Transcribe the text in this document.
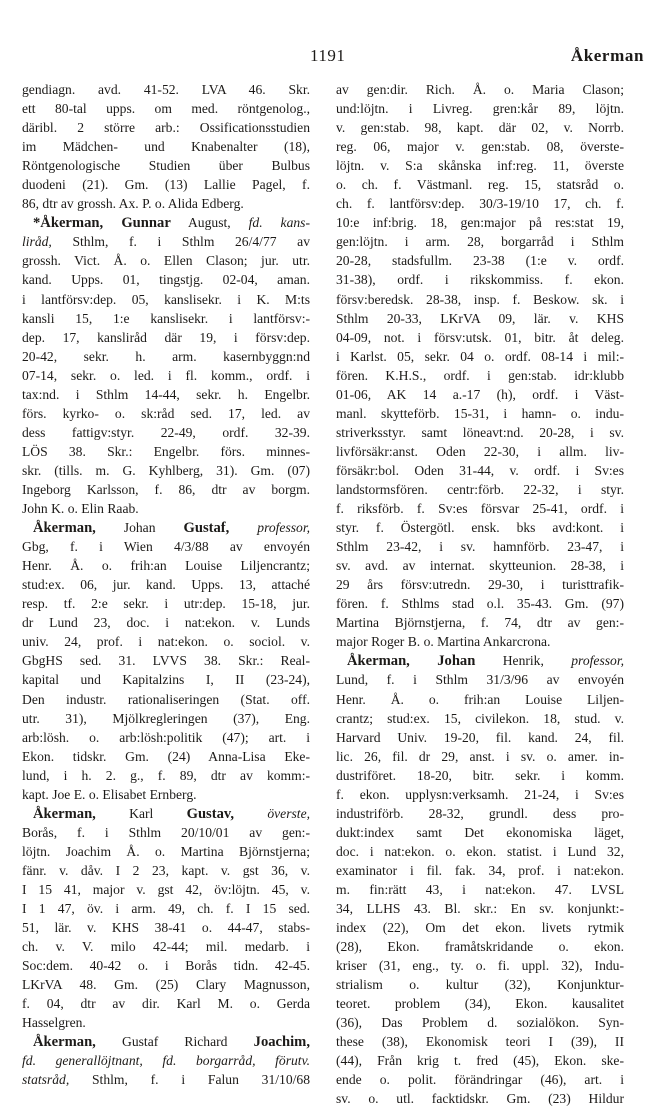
1191	Åkerman
gendiagn. avd. 41-52. LVA 46. Skr.
ett 80-tal upps. om med. röntgenolog.,
däribl. 2 större arb.: Ossificationsstudien
im Mädchen- und Knabenalter (18),
Röntgenologische Studien über Bulbus
duodeni (21). Gm. (13) Lallie Pagel, f.
86, dtr av grossh. Ax. P. o. Alida Edberg.
*Åkerman, Gunnar August, fd. kans-
liråd, Sthlm, f. i Sthlm 26/4/77 av
grossh. Vict. Å. o. Ellen Clason; jur. utr.
kand. Upps. 01, tingstjg. 02-04, aman.
i lantförsv:dep. 05, kanslisekr. i K. M:ts
kansli 15, 1:e kanslisekr. i lantförsv:-
dep. 17, kansliråd där 19, i försv:dep.
20-42, sekr. h. arm. kasernbyggn:nd
07-14, sekr. o. led. i fl. komm., ordf. i
tax:nd. i Sthlm 14-44, sekr. h. Engelbr.
förs. kyrko- o. sk:råd sed. 17, led. av
dess fattigv:styr. 22-49, ordf. 32-39.
LÖS 38. Skr.: Engelbr. förs. minnes-
skr. (tills. m. G. Kyhlberg, 31). Gm. (07)
Ingeborg Karlsson, f. 86, dtr av borgm.
John K. o. Elin Raab.
Åkerman, Johan Gustaf, professor,
Gbg, f. i Wien 4/3/88 av envoyén
Henr. Å. o. frih:an Louise Liljencrantz;
stud:ex. 06, jur. kand. Upps. 13, attaché
resp. tf. 2:e sekr. i utr:dep. 15-18, jur.
dr Lund 23, doc. i nat:ekon. v. Lunds
univ. 24, prof. i nat:ekon. o. sociol. v.
GbgHS sed. 31. LVVS 38. Skr.: Real-
kapital und Kapitalzins I, II (23-24),
Den industr. rationaliseringen (Stat. off.
utr. 31), Mjölkregleringen (37), Eng.
arb:lösh. o. arb:lösh:politik (47); art. i
Ekon. tidskr. Gm. (24) Anna-Lisa Eke-
lund, i h. 2. g., f. 89, dtr av komm:-
kapt. Joe E. o. Elisabet Ernberg.
Åkerman, Karl Gustav, överste,
Borås, f. i Sthlm 20/10/01 av gen:-
löjtn. Joachim Å. o. Martina Björnstjerna;
fänr. v. dåv. I 2 23, kapt. v. gst 36, v.
I 15 41, major v. gst 42, öv:löjtn. 45, v.
I 1 47, öv. i arm. 49, ch. f. I 15 sed.
51, lär. v. KHS 38-41 o. 44-47, stabs-
ch. v. V. milo 42-44; mil. medarb. i
Soc:dem. 40-42 o. i Borås tidn. 42-45.
LKrVA 48. Gm. (25) Clary Magnusson,
f. 04, dtr av dir. Karl M. o. Gerda
Hasselgren.
Åkerman, Gustaf Richard Joachim,
fd. generallöjtnant, fd. borgarråd, förutv.
statsråd, Sthlm, f. i Falun 31/10/68
av gen:dir. Rich. Å. o. Maria Clason;
und:löjtn. i Livreg. gren:kår 89, löjtn.
v. gen:stab. 98, kapt. där 02, v. Norrb.
reg. 06, major v. gen:stab. 08, överste-
löjtn. v. S:a skånska inf:reg. 11, överste
o. ch. f. Västmanl. reg. 15, statsråd o.
ch. f. lantförsv:dep. 30/3-19/10 17, ch. f.
10:e inf:brig. 18, gen:major på res:stat 19,
gen:löjtn. i arm. 28, borgarråd i Sthlm
20-28, stadsfullm. 23-38 (1:e v. ordf.
31-38), ordf. i rikskommiss. f. ekon.
försv:beredsk. 28-38, insp. f. Beskow. sk. i
Sthlm 20-33, LKrVA 09, lär. v. KHS
04-09, not. i försv:utsk. 01, bitr. åt deleg.
i Karlst. 05, sekr. 04 o. ordf. 08-14 i mil:-
fören. K.H.S., ordf. i gen:stab. idr:klubb
01-06, AK 14 a.-17 (h), ordf. i Väst-
manl. skytteförb. 15-31, i hamn- o. indu-
striverksstyr. samt löneavt:nd. 20-28, i sv.
livförsäkr:anst. Oden 22-30, i allm. liv-
försäkr:bol. Oden 31-44, v. ordf. i Sv:es
landstormsfören. centr:förb. 22-32, i styr.
f. riksförb. f. Sv:es försvar 25-41, ordf. i
styr. f. Östergötl. ensk. bks avd:kont. i
Sthlm 23-42, i sv. hamnförb. 23-47, i
sv. avd. av internat. skytteunion. 28-38, i
29 års försv:utredn. 29-30, i turisttrafik-
fören. f. Sthlms stad o.l. 35-43. Gm. (97)
Martina Björnstjerna, f. 74, dtr av gen:-
major Roger B. o. Martina Ankarcrona.
Åkerman, Johan Henrik, professor,
Lund, f. i Sthlm 31/3/96 av envoyén
Henr. Å. o. frih:an Louise Liljen-
crantz; stud:ex. 15, civilekon. 18, stud. v.
Harvard Univ. 19-20, fil. kand. 24, fil.
lic. 26, fil. dr 29, anst. i sv. o. amer. in-
dustriföret. 18-20, bitr. sekr. i komm.
f. ekon. upplysn:verksamh. 21-24, i Sv:es
industriförb. 28-32, grundl. dess pro-
dukt:index samt Det ekonomiska läget,
doc. i nat:ekon. o. ekon. statist. i Lund 32,
examinator i fil. fak. 34, prof. i nat:ekon.
m. fin:rätt 43, i nat:ekon. 47. LVSL
34, LLHS 43. Bl. skr.: En sv. konjunkt:-
index (22), Om det ekon. livets rytmik
(28), Ekon. framåtskridande o. ekon.
kriser (31, eng., ty. o. fi. uppl. 32), Indu-
strialism o. kultur (32), Konjunktur-
teoret. problem (34), Ekon. kausalitet
(36), Das Problem d. sozialökon. Syn-
these (38), Ekonomisk teori I (39), II
(44), Från krig t. fred (45), Ekon. ske-
ende o. polit. förändringar (46), art. i
sv. o. utl. facktidskr. Gm. (23) Hildur
